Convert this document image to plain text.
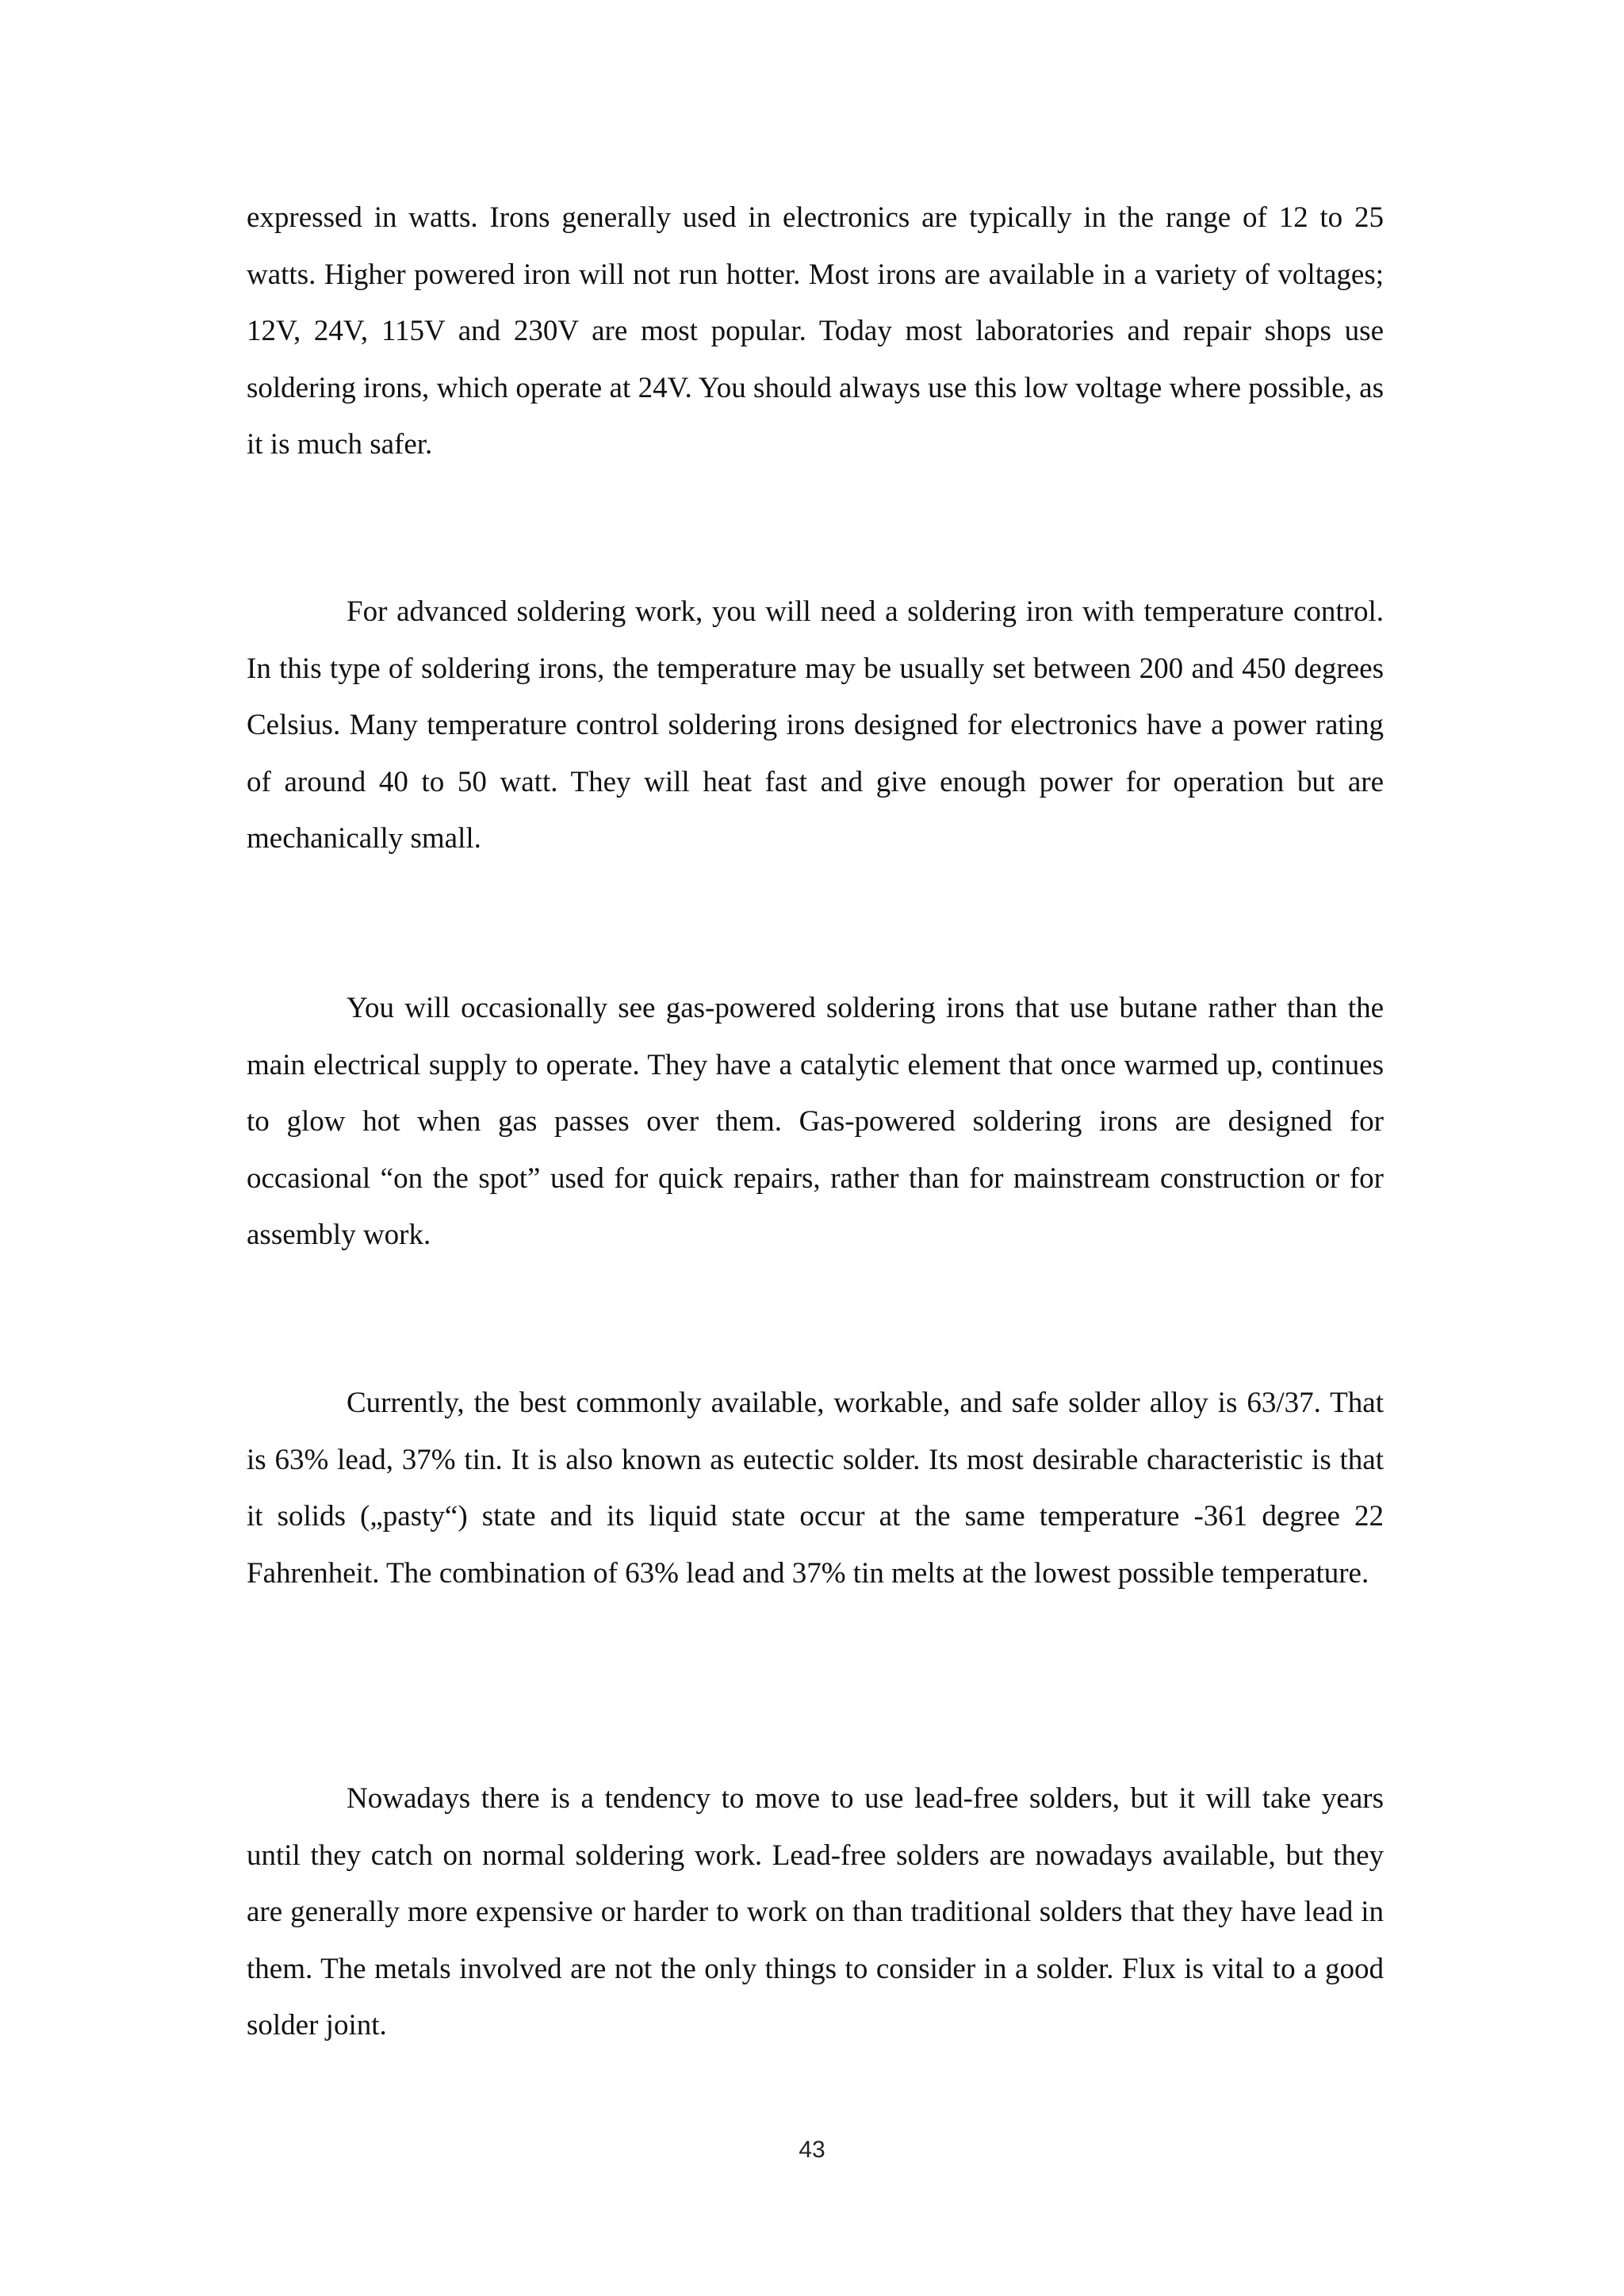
expressed in watts. Irons generally used in electronics are typically in the range of 12 to 25 watts. Higher powered iron will not run hotter. Most irons are available in a variety of voltages; 12V, 24V, 115V and 230V are most popular. Today most laboratories and repair shops use soldering irons, which operate at 24V. You should always use this low voltage where possible, as it is much safer.

For advanced soldering work, you will need a soldering iron with temperature control. In this type of soldering irons, the temperature may be usually set between 200 and 450 degrees Celsius. Many temperature control soldering irons designed for electronics have a power rating of around 40 to 50 watt. They will heat fast and give enough power for operation but are mechanically small.

You will occasionally see gas-powered soldering irons that use butane rather than the main electrical supply to operate. They have a catalytic element that once warmed up, continues to glow hot when gas passes over them. Gas-powered soldering irons are designed for occasional “on the spot” used for quick repairs, rather than for mainstream construction or for assembly work.

Currently, the best commonly available, workable, and safe solder alloy is 63/37. That is 63% lead, 37% tin. It is also known as eutectic solder. Its most desirable characteristic is that it solids („pasty“) state and its liquid state occur at the same temperature -361 degree 22 Fahrenheit. The combination of 63% lead and 37% tin melts at the lowest possible temperature.

Nowadays there is a tendency to move to use lead-free solders, but it will take years until they catch on normal soldering work. Lead-free solders are nowadays available, but they are generally more expensive or harder to work on than traditional solders that they have lead in them. The metals involved are not the only things to consider in a solder. Flux is vital to a good solder joint.

43
